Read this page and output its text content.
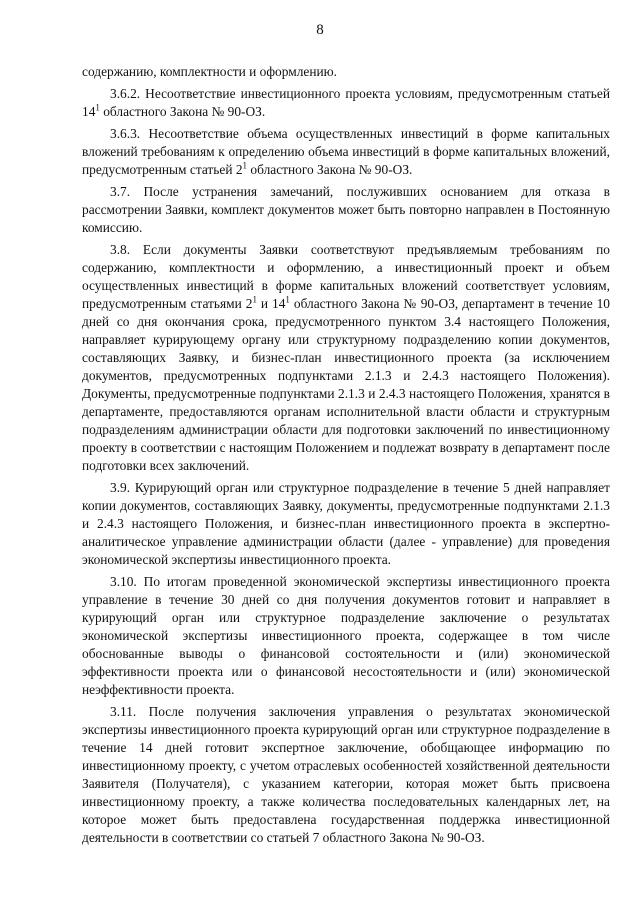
8

содержанию, комплектности и оформлению.

3.6.2. Несоответствие инвестиционного проекта условиям, предусмотренным статьей $14^1$ областного Закона № 90-ОЗ.

3.6.3. Несоответствие объема осуществленных инвестиций в форме капитальных вложений требованиям к определению объема инвестиций в форме капитальных вложений, предусмотренным статьей $2^1$ областного Закона № 90-ОЗ.

3.7. После устранения замечаний, послуживших основанием для отказа в рассмотрении Заявки, комплект документов может быть повторно направлен в Постоянную комиссию.

3.8. Если документы Заявки соответствуют предъявляемым требованиям по содержанию, комплектности и оформлению, а инвестиционный проект и объем осуществленных инвестиций в форме капитальных вложений соответствует условиям, предусмотренным статьями $2^1$ и $14^1$ областного Закона № 90-ОЗ, департамент в течение 10 дней со дня окончания срока, предусмотренного пунктом 3.4 настоящего Положения, направляет курирующему органу или структурному подразделению копии документов, составляющих Заявку, и бизнес-план инвестиционного проекта (за исключением документов, предусмотренных подпунктами 2.1.3 и 2.4.3 настоящего Положения). Документы, предусмотренные подпунктами 2.1.3 и 2.4.3 настоящего Положения, хранятся в департаменте, предоставляются органам исполнительной власти области и структурным подразделениям администрации области для подготовки заключений по инвестиционному проекту в соответствии с настоящим Положением и подлежат возврату в департамент после подготовки всех заключений.

3.9. Курирующий орган или структурное подразделение в течение 5 дней направляет копии документов, составляющих Заявку, документы, предусмотренные подпунктами 2.1.3 и 2.4.3 настоящего Положения, и бизнес-план инвестиционного проекта в экспертно-аналитическое управление администрации области (далее - управление) для проведения экономической экспертизы инвестиционного проекта.

3.10. По итогам проведенной экономической экспертизы инвестиционного проекта управление в течение 30 дней со дня получения документов готовит и направляет в курирующий орган или структурное подразделение заключение о результатах экономической экспертизы инвестиционного проекта, содержащее в том числе обоснованные выводы о финансовой состоятельности и (или) экономической эффективности проекта или о финансовой несостоятельности и (или) экономической неэффективности проекта.

3.11. После получения заключения управления о результатах экономической экспертизы инвестиционного проекта курирующий орган или структурное подразделение в течение 14 дней готовит экспертное заключение, обобщающее информацию по инвестиционному проекту, с учетом отраслевых особенностей хозяйственной деятельности Заявителя (Получателя), с указанием категории, которая может быть присвоена инвестиционному проекту, а также количества последовательных календарных лет, на которое может быть предоставлена государственная поддержка инвестиционной деятельности в соответствии со статьей 7 областного Закона № 90-ОЗ.
